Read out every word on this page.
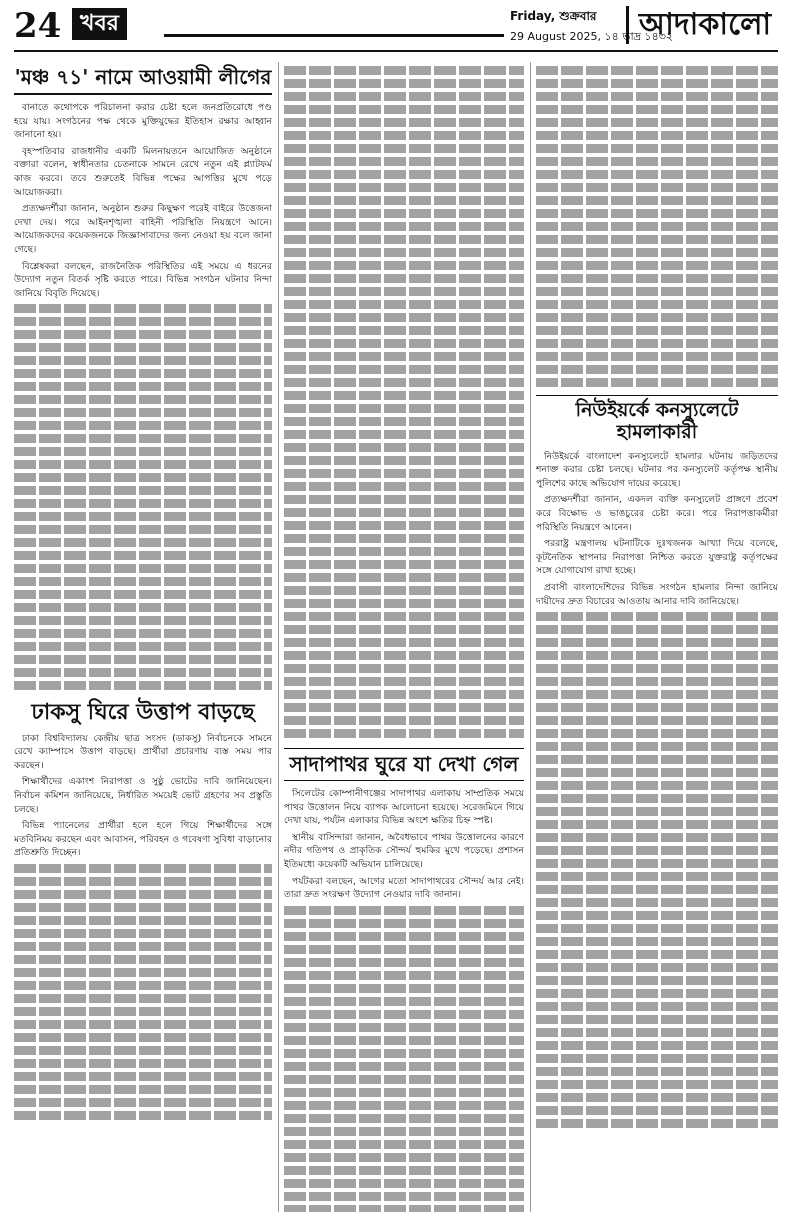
24 খবর	Friday, শুক্রবার
29 August 2025, ১৪ ভাদ্র ১৪৩২
আদাকালো
'মঞ্চ ৭১' নামে আওয়ামী লীগের

বানাতে কথোপকে পরিচালনা করার চেষ্টা হলে জনপ্রতিরোধে পণ্ড হয়ে যায়। সংগঠনের পক্ষ থেকে মুক্তিযুদ্ধের ইতিহাস রক্ষার আহ্বান জানানো হয়।

বৃহস্পতিবার রাজধানীর একটি মিলনায়তনে আয়োজিত অনুষ্ঠানে বক্তারা বলেন, স্বাধীনতার চেতনাকে সামনে রেখে নতুন এই প্ল্যাটফর্ম কাজ করবে। তবে শুরুতেই বিভিন্ন পক্ষের আপত্তির মুখে পড়ে আয়োজকরা।

প্রত্যক্ষদর্শীরা জানান, অনুষ্ঠান শুরুর কিছুক্ষণ পরেই বাইরে উত্তেজনা দেখা দেয়। পরে আইনশৃঙ্খলা বাহিনী পরিস্থিতি নিয়ন্ত্রণে আনে। আয়োজকদের কয়েকজনকে জিজ্ঞাসাবাদের জন্য নেওয়া হয় বলে জানা গেছে।

বিশ্লেষকরা বলছেন, রাজনৈতিক পরিস্থিতির এই সময়ে এ ধরনের উদ্যোগ নতুন বিতর্ক সৃষ্টি করতে পারে। বিভিন্ন সংগঠন ঘটনার নিন্দা জানিয়ে বিবৃতি দিয়েছে।

ঢাকসু ঘিরে উত্তাপ বাড়ছে

ঢাকা বিশ্ববিদ্যালয় কেন্দ্রীয় ছাত্র সংসদ (ডাকসু) নির্বাচনকে সামনে রেখে ক্যাম্পাসে উত্তাপ বাড়ছে। প্রার্থীরা প্রচারণায় ব্যস্ত সময় পার করছেন।

শিক্ষার্থীদের একাংশ নিরাপত্তা ও সুষ্ঠু ভোটের দাবি জানিয়েছেন। নির্বাচন কমিশন জানিয়েছে, নির্ধারিত সময়েই ভোট গ্রহণের সব প্রস্তুতি চলছে।

বিভিন্ন প্যানেলের প্রার্থীরা হলে হলে গিয়ে শিক্ষার্থীদের সঙ্গে মতবিনিময় করছেন এবং আবাসন, পরিবহন ও গবেষণা সুবিধা বাড়ানোর প্রতিশ্রুতি দিচ্ছেন।

সাদাপাথর ঘুরে যা দেখা গেল

সিলেটের কোম্পানীগঞ্জের সাদাপাথর এলাকায় সাম্প্রতিক সময়ে পাথর উত্তোলন নিয়ে ব্যাপক আলোচনা হয়েছে। সরেজমিনে গিয়ে দেখা যায়, পর্যটন এলাকার বিভিন্ন অংশে ক্ষতির চিহ্ন স্পষ্ট।

স্থানীয় বাসিন্দারা জানান, অবৈধভাবে পাথর উত্তোলনের কারণে নদীর গতিপথ ও প্রাকৃতিক সৌন্দর্য হুমকির মুখে পড়েছে। প্রশাসন ইতিমধ্যে কয়েকটি অভিযান চালিয়েছে।

পর্যটকরা বলছেন, আগের মতো সাদাপাথরের সৌন্দর্য আর নেই। তারা দ্রুত সংরক্ষণ উদ্যোগ নেওয়ার দাবি জানান।

নিউইয়র্কে কনস্যুলেটে হামলাকারী

নিউইয়র্কে বাংলাদেশ কনস্যুলেটে হামলার ঘটনায় জড়িতদের শনাক্ত করার চেষ্টা চলছে। ঘটনার পর কনস্যুলেট কর্তৃপক্ষ স্থানীয় পুলিশের কাছে অভিযোগ দায়ের করেছে।

প্রত্যক্ষদর্শীরা জানান, একদল ব্যক্তি কনস্যুলেট প্রাঙ্গণে প্রবেশ করে বিক্ষোভ ও ভাঙচুরের চেষ্টা করে। পরে নিরাপত্তাকর্মীরা পরিস্থিতি নিয়ন্ত্রণে আনেন।

পররাষ্ট্র মন্ত্রণালয় ঘটনাটিকে দুঃখজনক আখ্যা দিয়ে বলেছে, কূটনৈতিক স্থাপনার নিরাপত্তা নিশ্চিত করতে যুক্তরাষ্ট্র কর্তৃপক্ষের সঙ্গে যোগাযোগ রাখা হচ্ছে।

প্রবাসী বাংলাদেশিদের বিভিন্ন সংগঠন হামলার নিন্দা জানিয়ে দায়ীদের দ্রুত বিচারের আওতায় আনার দাবি জানিয়েছে।
